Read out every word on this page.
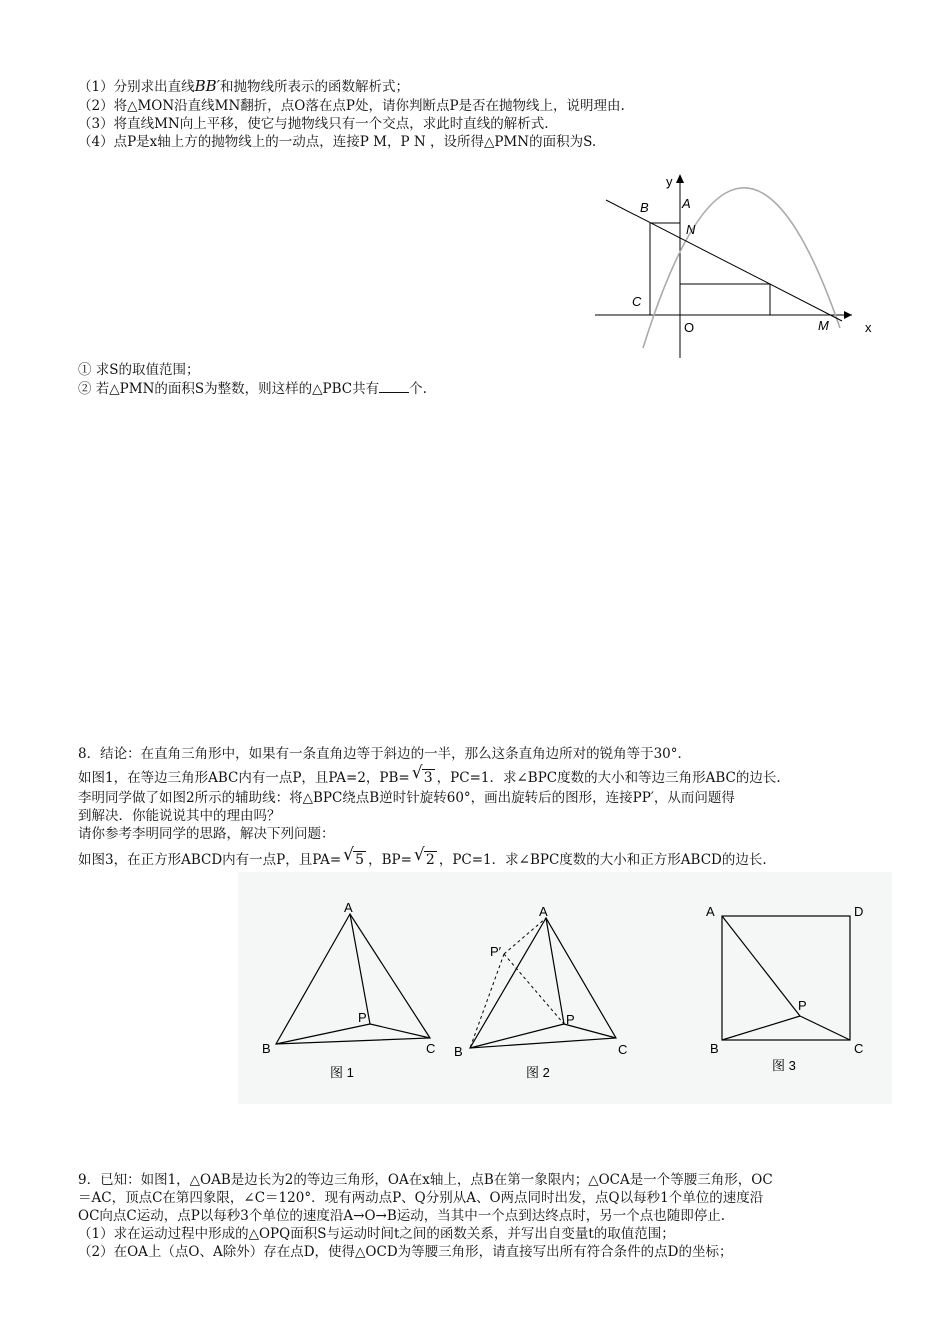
（1）分别求出直线BB′和抛物线所表示的函数解析式；
（2）将△MON沿直线MN翻折，点O落在点P处，请你判断点P是否在抛物线上，说明理由.
（3）将直线MN向上平移，使它与抛物线只有一个交点，求此时直线的解析式.
（4）点P是x轴上方的抛物线上的一动点，连接P M，P N ，设所得△PMN的面积为S.
y
A
B
N
C
O	M	x
① 求S的取值范围；
② 若△PMN的面积S为整数，则这样的△PBC共有 个.
8．结论：在直角三角形中，如果有一条直角边等于斜边的一半，那么这条直角边所对的锐角等于30°．
如图1，在等边三角形ABC内有一点P，且PA=2，PB= √ 3 ，PC=1．求∠BPC度数的大小和等边三角形ABC的边长.
李明同学做了如图2所示的辅助线：将△BPC绕点B逆时针旋转60°，画出旋转后的图形，连接PP′，从而问题得
到解决．你能说说其中的理由吗？
请你参考李明同学的思路，解决下列问题：
如图3，在正方形ABCD内有一点P，且PA= √ 5 ，BP= √ 2 ，PC=1．求∠BPC度数的大小和正方形ABCD的边长.
A
B	C
P
图 1
A
P′
B	C
P
图 2
A	D
B	C
P
图 3
9．已知：如图1，△OAB是边长为2的等边三角形，OA在x轴上，点B在第一象限内；△OCA是一个等腰三角形，OC
＝AC，顶点C在第四象限，∠C＝120°．现有两动点P、Q分别从A、O两点同时出发，点Q以每秒1个单位的速度沿
OC向点C运动，点P以每秒3个单位的速度沿A→O→B运动，当其中一个点到达终点时，另一个点也随即停止.
（1）求在运动过程中形成的△OPQ面积S与运动时间t之间的函数关系，并写出自变量t的取值范围；
（2）在OA上（点O、A除外）存在点D，使得△OCD为等腰三角形，请直接写出所有符合条件的点D的坐标；
